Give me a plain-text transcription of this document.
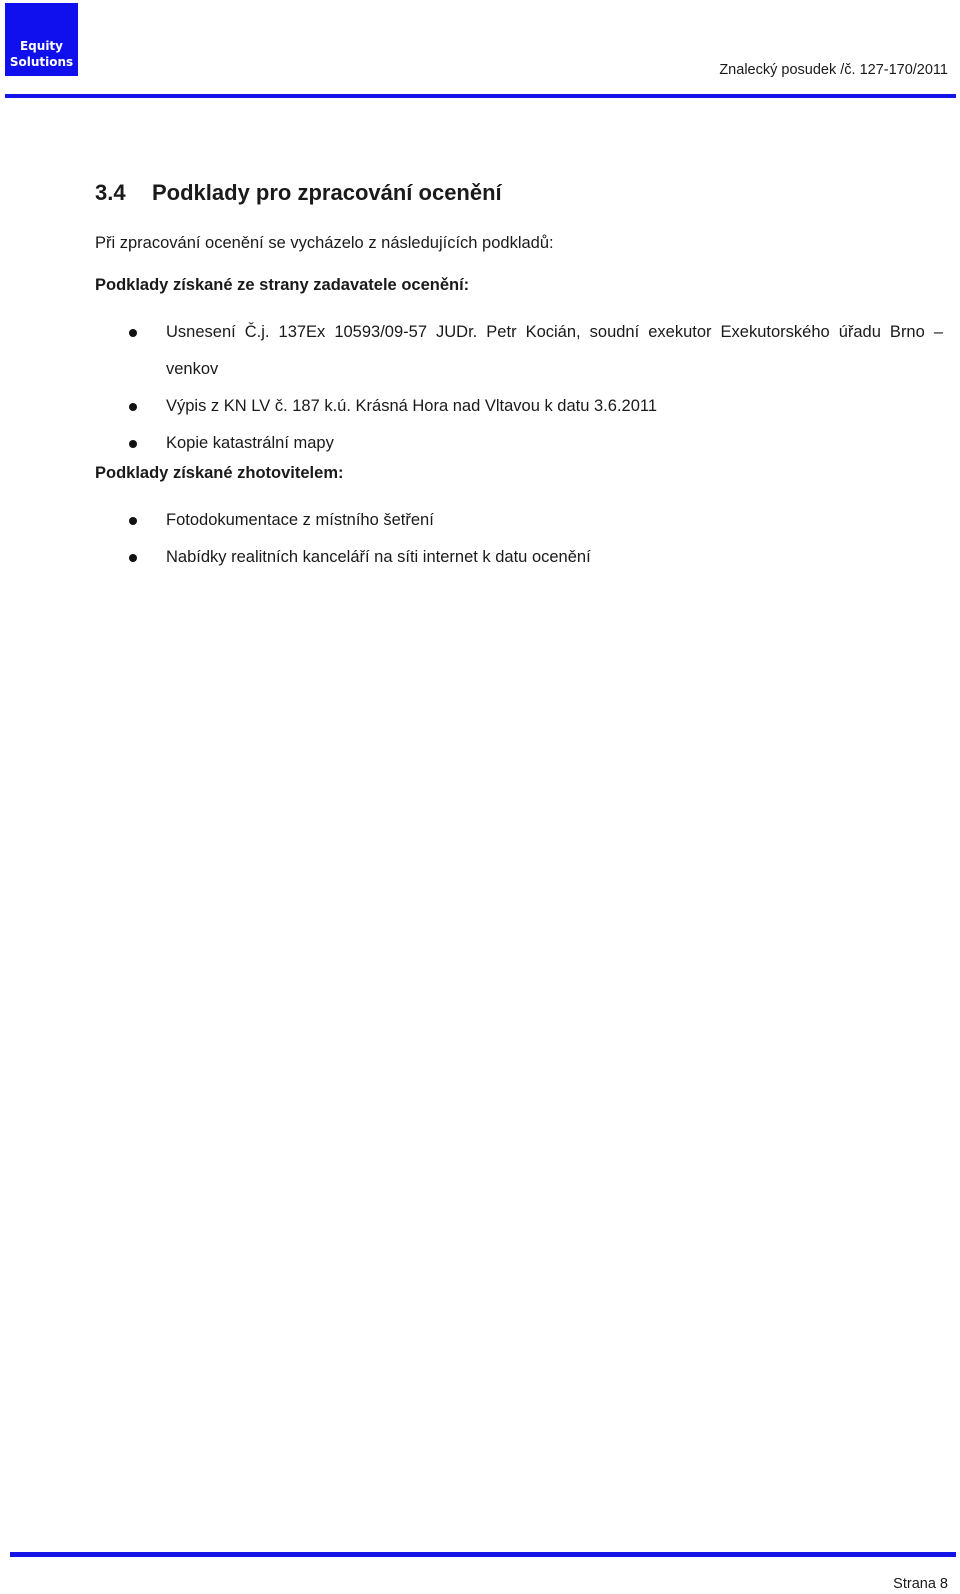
Equity
Solutions	Znalecký posudek /č. 127-170/2011
3.4	Podklady pro zpracování ocenění

Při zpracování ocenění se vycházelo z následujících podkladů:

Podklady získané ze strany zadavatele ocenění:

Usnesení Č.j. 137Ex 10593/09-57 JUDr. Petr Kocián, soudní exekutor Exekutorského úřadu Brno – venkov
Výpis z KN LV č. 187 k.ú. Krásná Hora nad Vltavou k datu 3.6.2011
Kopie katastrální mapy

Podklady získané zhotovitelem:

Fotodokumentace z místního šetření
Nabídky realitních kanceláří na síti internet k datu ocenění
Strana 8
